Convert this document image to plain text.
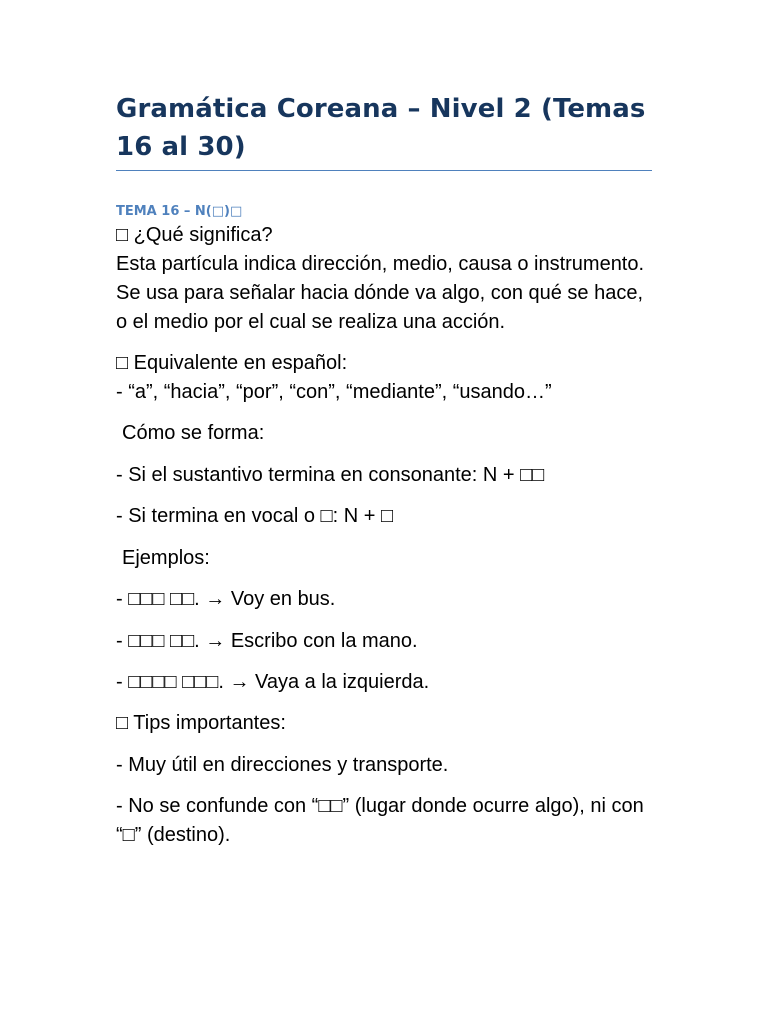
Gramática Coreana – Nivel 2 (Temas 16 al 30)
TEMA 16 – N(□)□

□ ¿Qué significa?

Esta partícula indica dirección, medio, causa o instrumento. Se usa para señalar hacia dónde va algo, con qué se hace, o el medio por el cual se realiza una acción.

□ Equivalente en español:

- “a”, “hacia”, “por”, “con”, “mediante”, “usando…”

Cómo se forma:

- Si el sustantivo termina en consonante: N + □□

- Si termina en vocal o □: N + □

Ejemplos:

- □□□ □□. → Voy en bus.

- □□□ □□. → Escribo con la mano.

- □□□□ □□□. → Vaya a la izquierda.

□ Tips importantes:

- Muy útil en direcciones y transporte.

- No se confunde con “□□” (lugar donde ocurre algo), ni con “□” (destino).
